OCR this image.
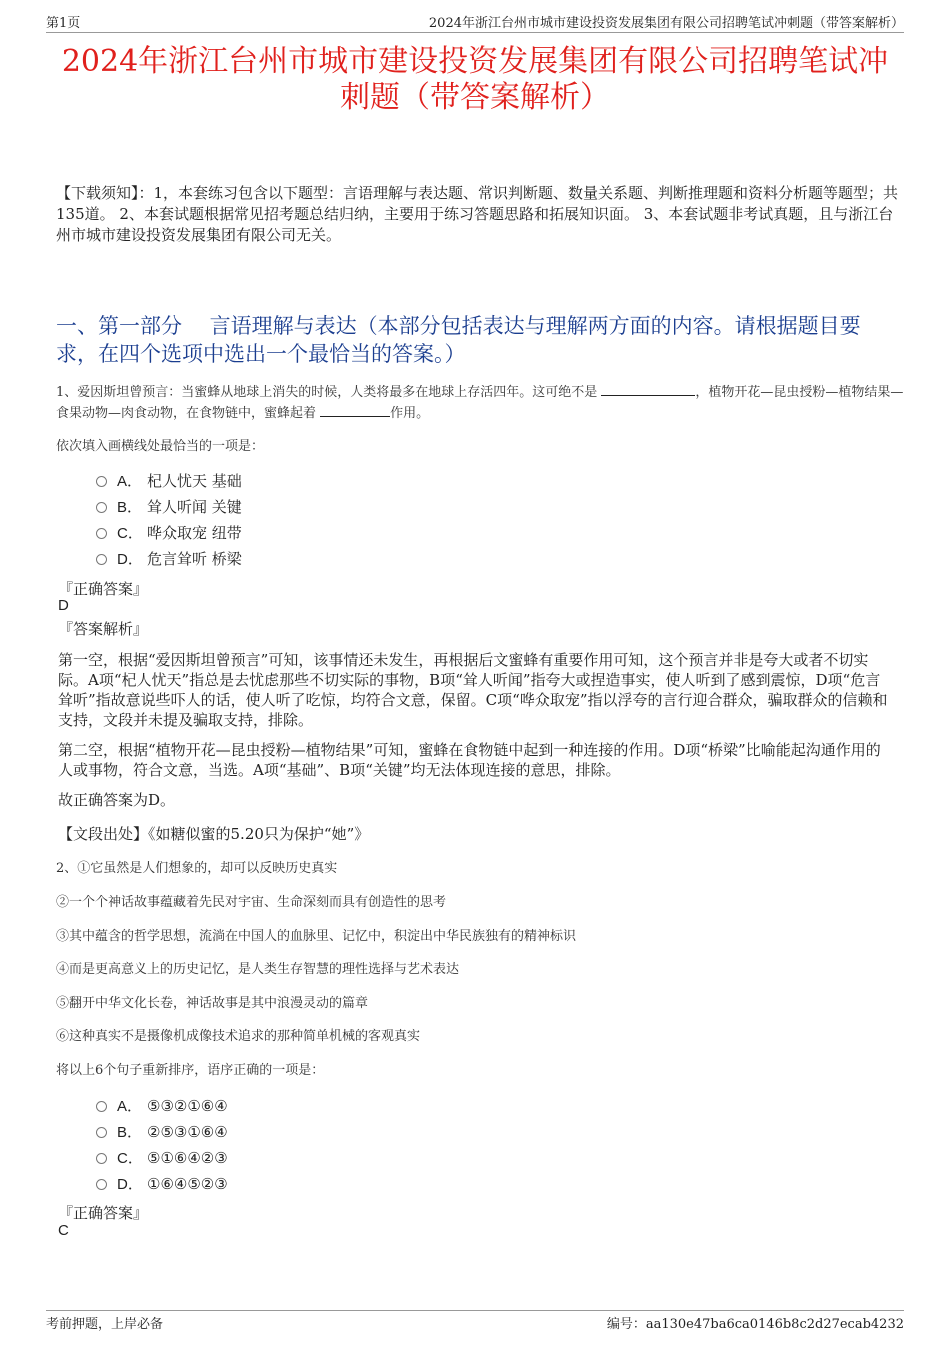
第1页	2024年浙江台州市城市建设投资发展集团有限公司招聘笔试冲刺题（带答案解析）
2024年浙江台州市城市建设投资发展集团有限公司招聘笔试冲
刺题（带答案解析）
【下载须知】：1，本套练习包含以下题型：言语理解与表达题、常识判断题、数量关系题、判断推理题和资料分析题等题型；共135道。 2、本套试题根据常见招考题总结归纳，主要用于练习答题思路和拓展知识面。 3、本套试题非考试真题，且与浙江台州市城市建设投资发展集团有限公司无关。
一、第一部分　 言语理解与表达（本部分包括表达与理解两方面的内容。请根据题目要求，在四个选项中选出一个最恰当的答案。）
1、爱因斯坦曾预言：当蜜蜂从地球上消失的时候，人类将最多在地球上存活四年。这可绝不是	，植物开花—昆虫授粉—植物结果—食果动物—肉食动物，在食物链中，蜜蜂起着	作用。
依次填入画横线处最恰当的一项是：
A． 杞人忧天 基础
B． 耸人听闻 关键
C． 哗众取宠 纽带
D． 危言耸听 桥梁
『正确答案』
D
『答案解析』
第一空，根据“爱因斯坦曾预言”可知，该事情还未发生，再根据后文蜜蜂有重要作用可知，这个预言并非是夸大或者不切实际。A项“杞人忧天”指总是去忧虑那些不切实际的事物，B项“耸人听闻”指夸大或捏造事实，使人听到了感到震惊，D项“危言耸听”指故意说些吓人的话，使人听了吃惊，均符合文意，保留。C项“哗众取宠”指以浮夸的言行迎合群众，骗取群众的信赖和支持，文段并未提及骗取支持，排除。
第二空，根据“植物开花—昆虫授粉—植物结果”可知，蜜蜂在食物链中起到一种连接的作用。D项“桥梁”比喻能起沟通作用的人或事物，符合文意，当选。A项“基础”、B项“关键”均无法体现连接的意思，排除。
故正确答案为D。
【文段出处】《如糖似蜜的5.20只为保护“她”》
2、①它虽然是人们想象的，却可以反映历史真实
②一个个神话故事蕴藏着先民对宇宙、生命深刻而具有创造性的思考
③其中蕴含的哲学思想，流淌在中国人的血脉里、记忆中，积淀出中华民族独有的精神标识
④而是更高意义上的历史记忆，是人类生存智慧的理性选择与艺术表达
⑤翻开中华文化长卷，神话故事是其中浪漫灵动的篇章
⑥这种真实不是摄像机成像技术追求的那种简单机械的客观真实
将以上6个句子重新排序，语序正确的一项是：
A． ⑤③②①⑥④
B． ②⑤③①⑥④
C． ⑤①⑥④②③
D． ①⑥④⑤②③
『正确答案』
C
考前押题，上岸必备	编号：aa130e47ba6ca0146b8c2d27ecab4232
